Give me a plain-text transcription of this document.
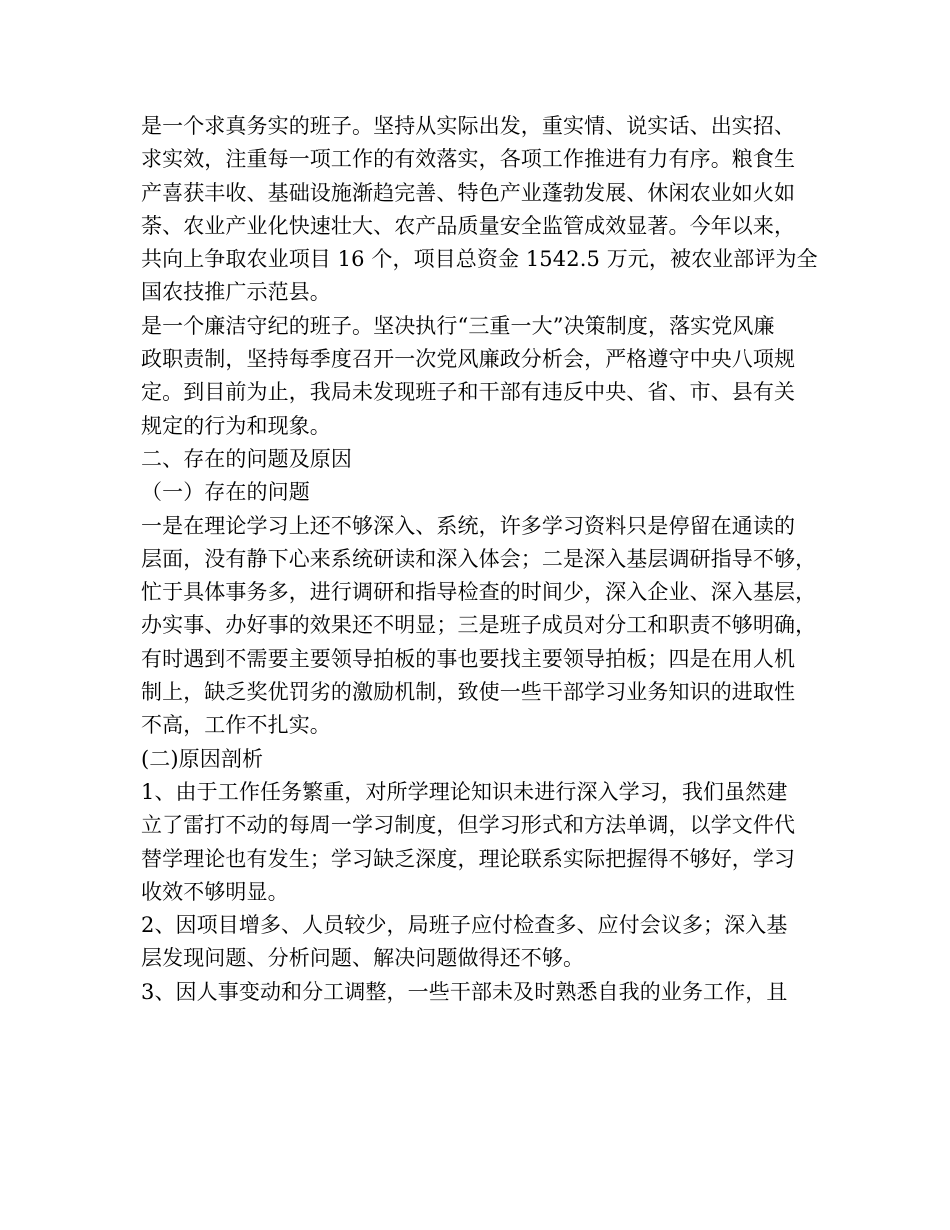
是一个求真务实的班子。坚持从实际出发，重实情、说实话、出实招、
求实效，注重每一项工作的有效落实，各项工作推进有力有序。粮食生
产喜获丰收、基础设施渐趋完善、特色产业蓬勃发展、休闲农业如火如
荼、农业产业化快速壮大、农产品质量安全监管成效显著。今年以来，
共向上争取农业项目 16 个，项目总资金 1542.5 万元，被农业部评为全
国农技推广示范县。
是一个廉洁守纪的班子。坚决执行“三重一大”决策制度，落实党风廉
政职责制，坚持每季度召开一次党风廉政分析会，严格遵守中央八项规
定。到目前为止，我局未发现班子和干部有违反中央、省、市、县有关
规定的行为和现象。
二、存在的问题及原因
（一）存在的问题
一是在理论学习上还不够深入、系统，许多学习资料只是停留在通读的
层面，没有静下心来系统研读和深入体会；二是深入基层调研指导不够，
忙于具体事务多，进行调研和指导检查的时间少，深入企业、深入基层，
办实事、办好事的效果还不明显；三是班子成员对分工和职责不够明确，
有时遇到不需要主要领导拍板的事也要找主要领导拍板；四是在用人机
制上，缺乏奖优罚劣的激励机制，致使一些干部学习业务知识的进取性
不高，工作不扎实。
(二)原因剖析
1、由于工作任务繁重，对所学理论知识未进行深入学习，我们虽然建
立了雷打不动的每周一学习制度，但学习形式和方法单调，以学文件代
替学理论也有发生；学习缺乏深度，理论联系实际把握得不够好，学习
收效不够明显。
2、因项目增多、人员较少，局班子应付检查多、应付会议多；深入基
层发现问题、分析问题、解决问题做得还不够。
3、因人事变动和分工调整，一些干部未及时熟悉自我的业务工作，且
